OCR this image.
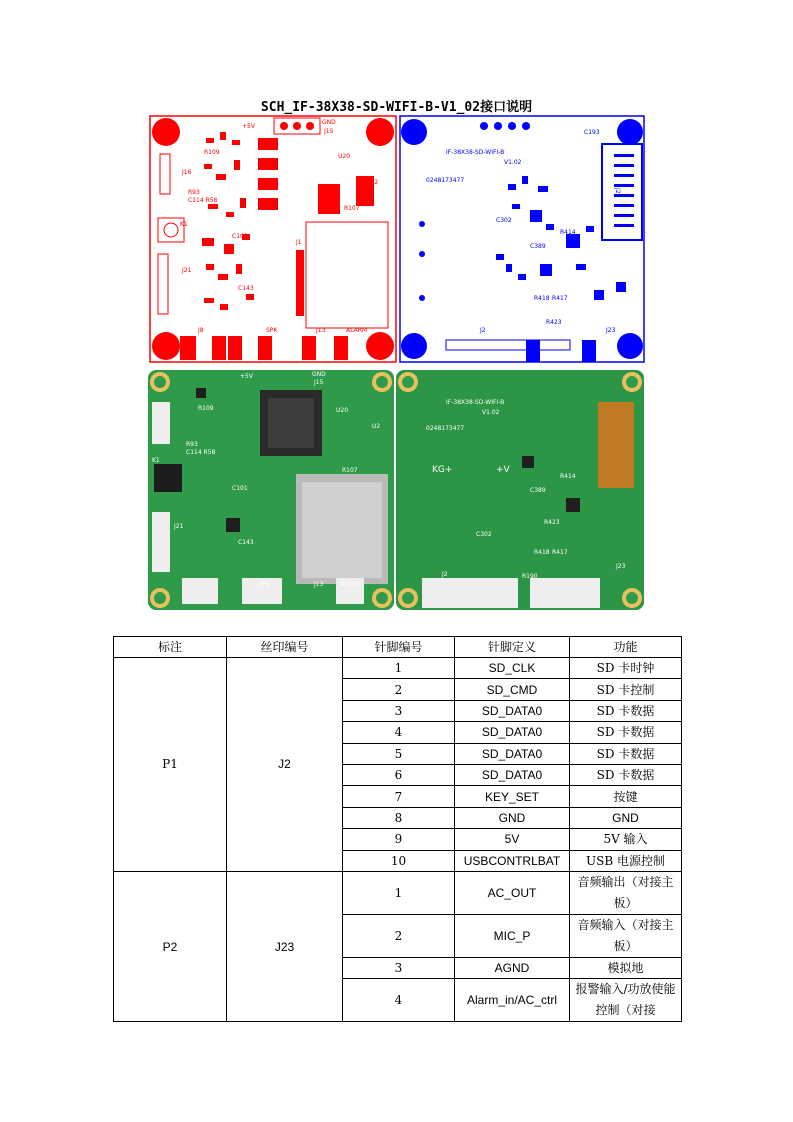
SCH_IF-38X38-SD-WIFI-B-V1_02接口说明
+5V
GND
J15
U20
J16
R109
R93
C114 R58
K1
J21
C101
C143
J1
R107
U2
J8	SPK	J13	ALARM
IF-38X38-SD-WIFI-B
V1.02
0248173477
R414
C389
R418 R417
R423
C302
J2	J23
J20
C193
IF-38X38-SD-WIFI-B
V1.02
0248173477
KG+	+V
+5V	GND
J15
U20
R109
R93
C114 R58
K1
J21
C101
C143
U2
R107
SPK	J13	ALARM
J2
J23
R414
C389
R418 R417
R423
C302
R190
标注	丝印编号	针脚编号	针脚定义	功能
P1	J2	1	SD_CLK	SD 卡时钟
		2	SD_CMD	SD 卡控制
		3	SD_DATA0	SD 卡数据
		4	SD_DATA0	SD 卡数据
		5	SD_DATA0	SD 卡数据
		6	SD_DATA0	SD 卡数据
		7	KEY_SET	按键
		8	GND	GND
		9	5V	5V 输入
		10	USBCONTRLBAT	USB 电源控制
P2	J23	1	AC_OUT	音频输出（对接主板）
		2	MIC_P	音频输入（对接主板）
		3	AGND	模拟地
		4	Alarm_in/AC_ctrl	报警输入/功放使能控制（对接
